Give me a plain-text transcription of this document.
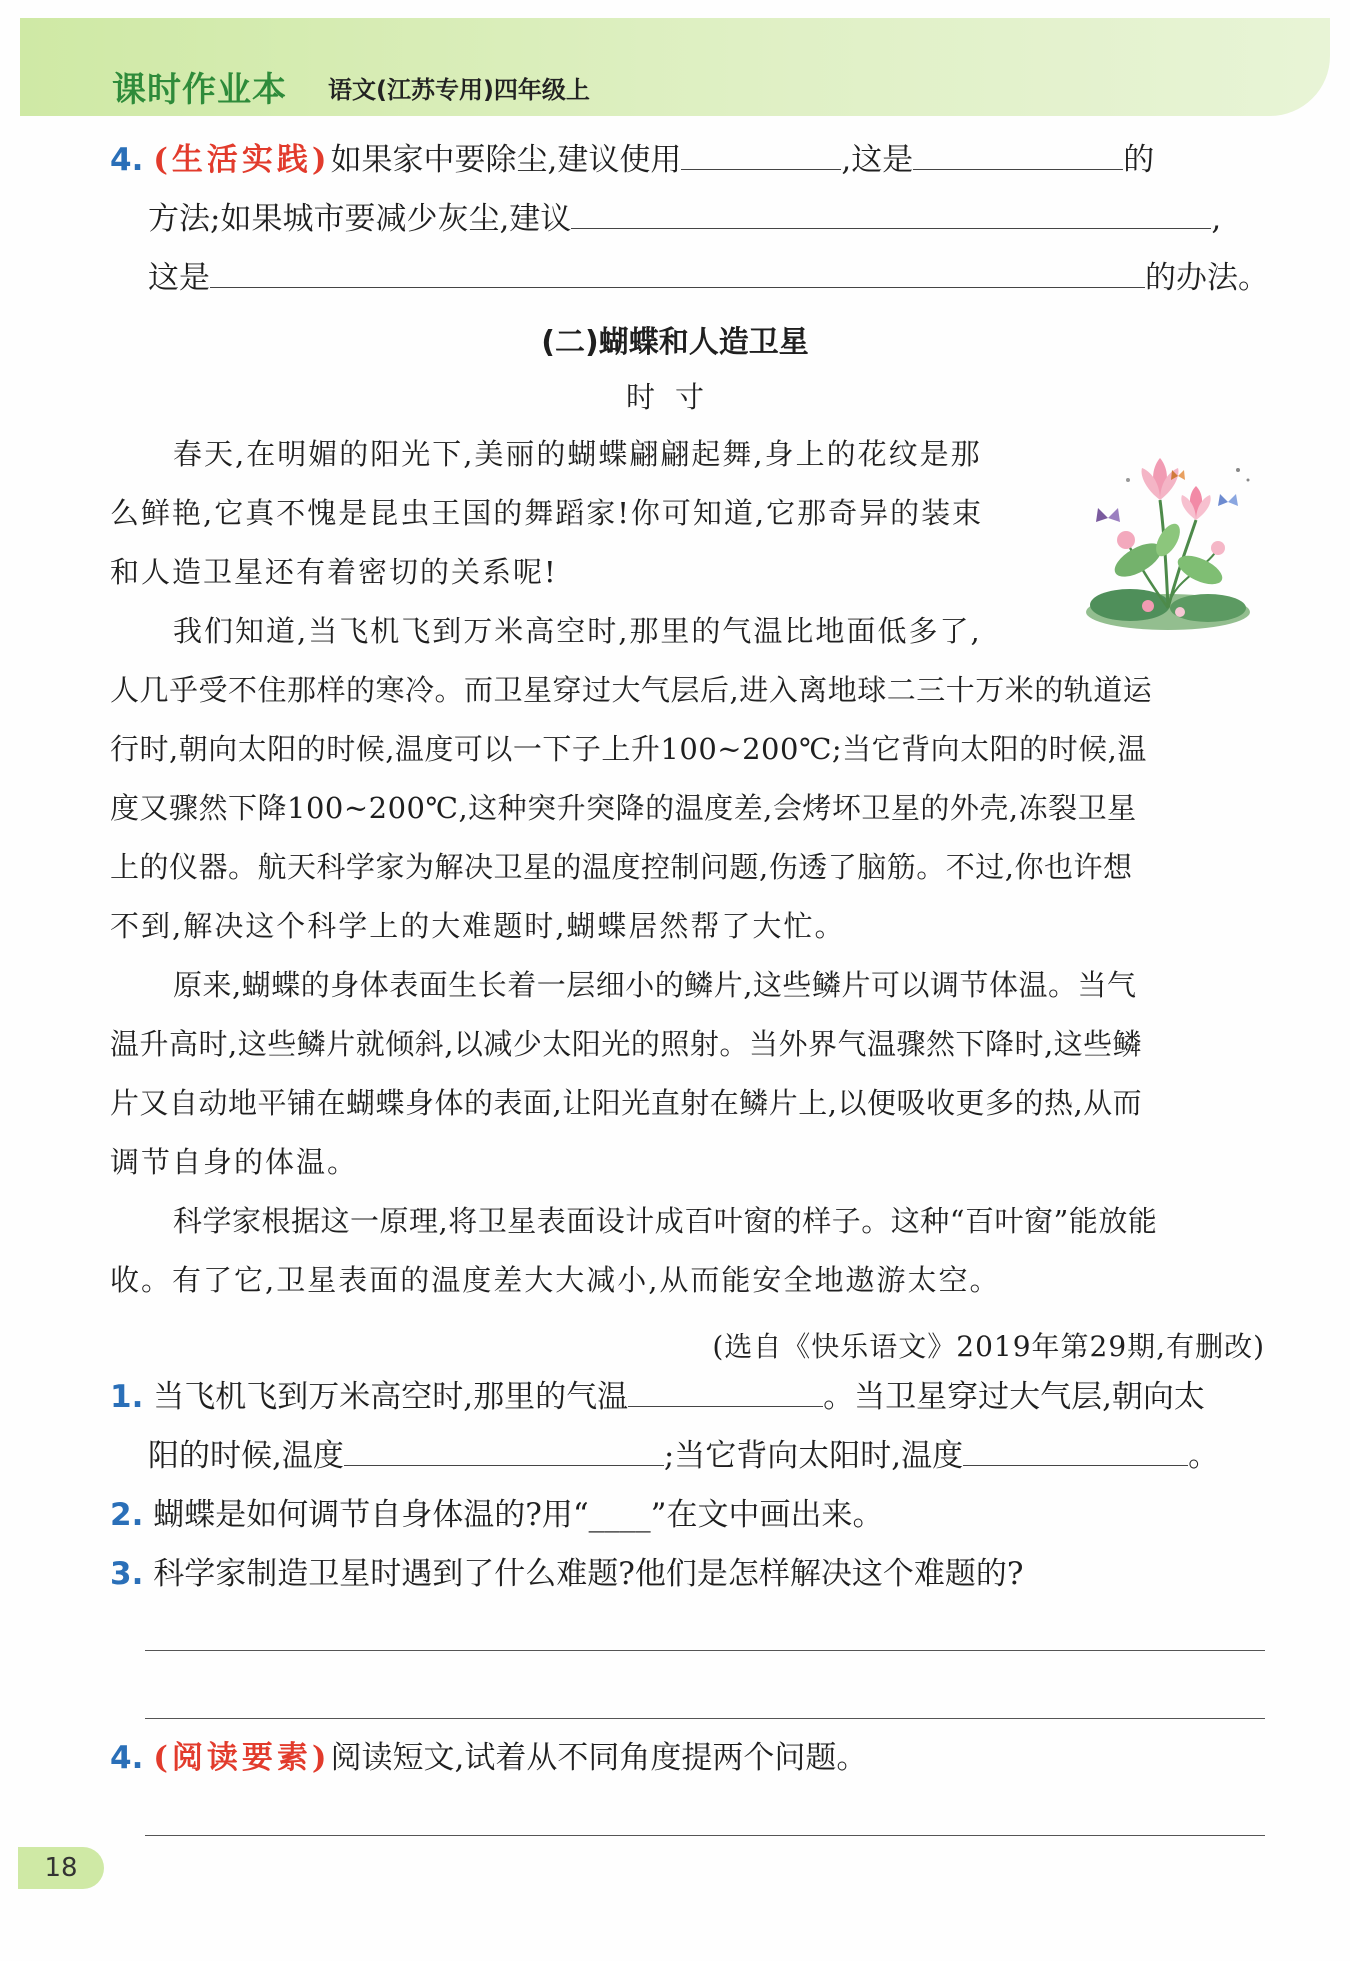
课时作业本 语文(江苏专用)四年级上
4. (生活实践)如果家中要除尘,建议使用	,这是	的
方法;如果城市要减少灰尘,建议	,
这是	的办法。
(二)蝴蝶和人造卫星
时寸
春天,在明媚的阳光下,美丽的蝴蝶翩翩起舞,身上的花纹是那
么鲜艳,它真不愧是昆虫王国的舞蹈家!你可知道,它那奇异的装束
和人造卫星还有着密切的关系呢!
我们知道,当飞机飞到万米高空时,那里的气温比地面低多了,
人几乎受不住那样的寒冷。而卫星穿过大气层后,进入离地球二三十万米的轨道运
行时,朝向太阳的时候,温度可以一下子上升100~200℃;当它背向太阳的时候,温
度又骤然下降100~200℃,这种突升突降的温度差,会烤坏卫星的外壳,冻裂卫星
上的仪器。航天科学家为解决卫星的温度控制问题,伤透了脑筋。不过,你也许想
不到,解决这个科学上的大难题时,蝴蝶居然帮了大忙。
原来,蝴蝶的身体表面生长着一层细小的鳞片,这些鳞片可以调节体温。当气
温升高时,这些鳞片就倾斜,以减少太阳光的照射。当外界气温骤然下降时,这些鳞
片又自动地平铺在蝴蝶身体的表面,让阳光直射在鳞片上,以便吸收更多的热,从而
调节自身的体温。
科学家根据这一原理,将卫星表面设计成百叶窗的样子。这种“百叶窗”能放能
收。有了它,卫星表面的温度差大大减小,从而能安全地遨游太空。
(选自《快乐语文》2019年第29期,有删改)
1. 当飞机飞到万米高空时,那里的气温	。当卫星穿过大气层,朝向太
阳的时候,温度	;当它背向太阳时,温度	。
2. 蝴蝶是如何调节自身体温的?用“____”在文中画出来。
3. 科学家制造卫星时遇到了什么难题?他们是怎样解决这个难题的?
4. (阅读要素)阅读短文,试着从不同角度提两个问题。
18
